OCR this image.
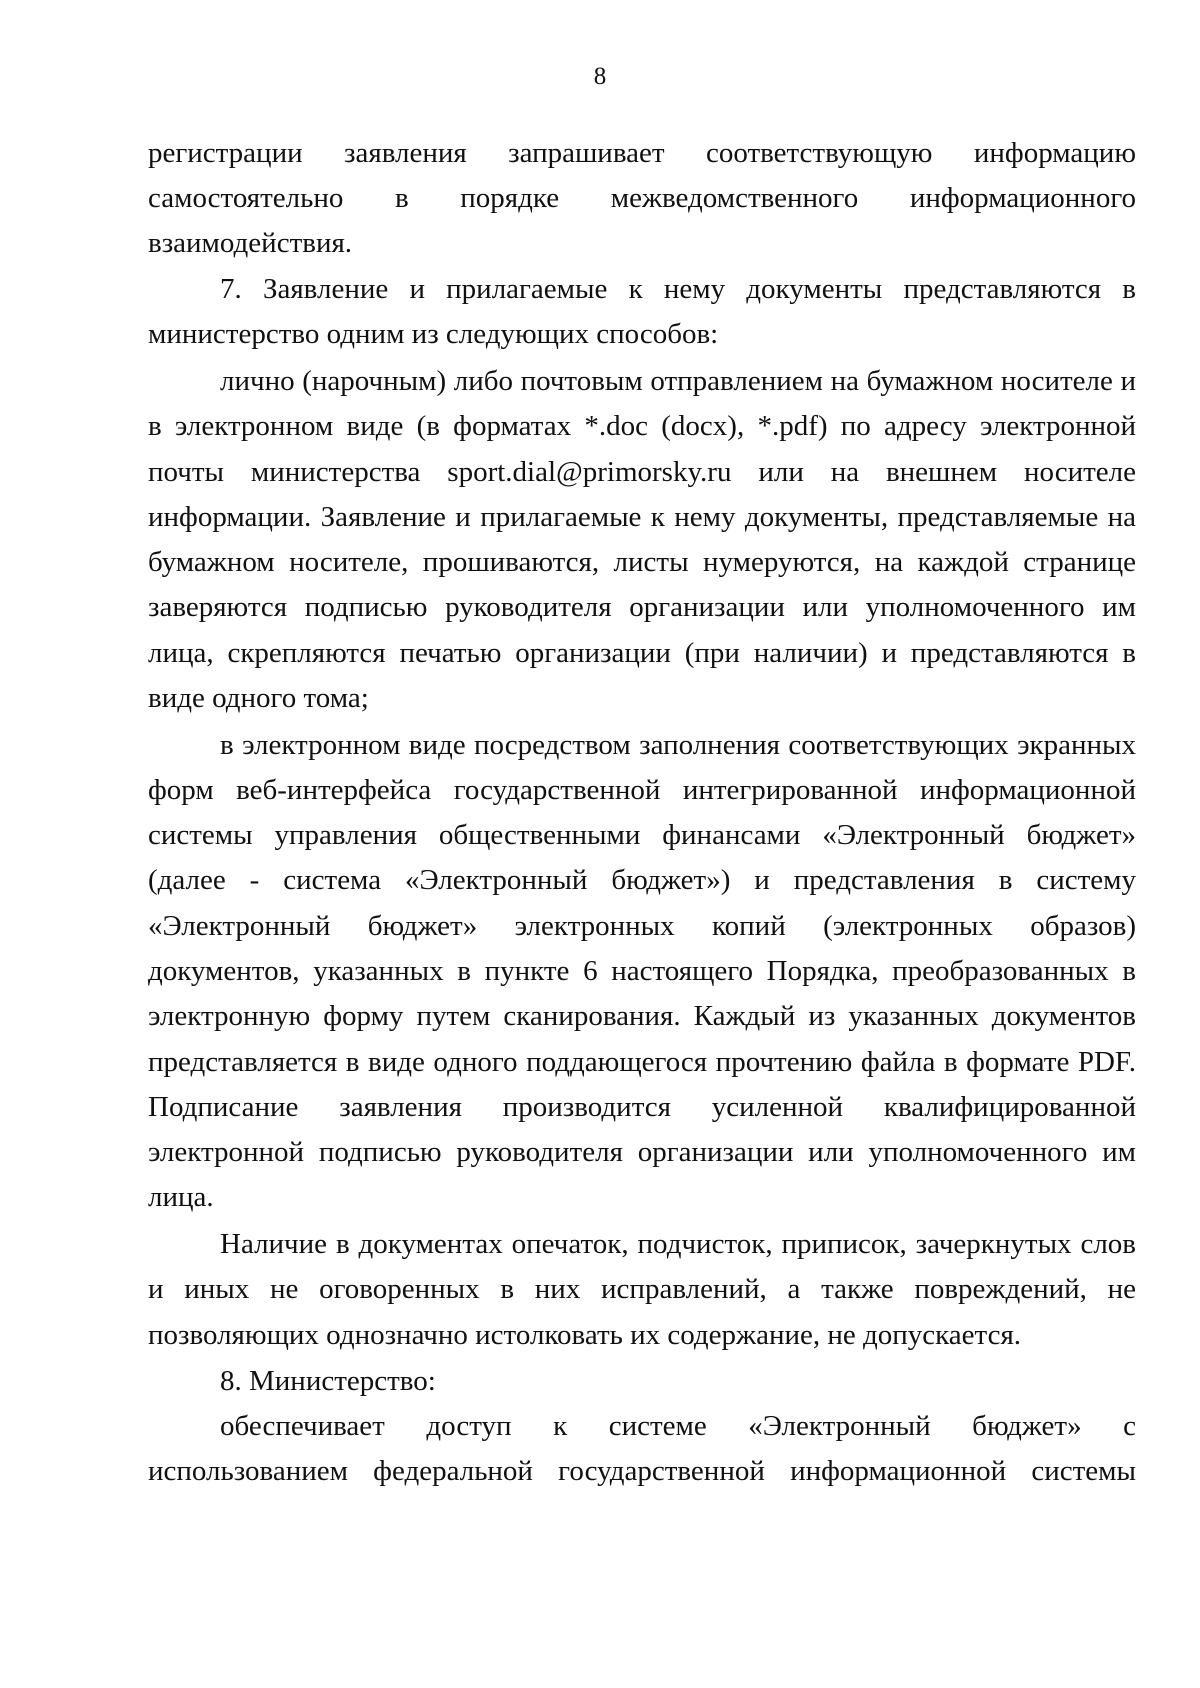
8
регистрации заявления запрашивает соответствующую информацию
самостоятельно в порядке межведомственного информационного
взаимодействия.
7. Заявление и прилагаемые к нему документы представляются в
министерство одним из следующих способов:
лично (нарочным) либо почтовым отправлением на бумажном носителе и
в электронном виде (в форматах *.doc (docx), *.pdf) по адресу электронной
почты министерства sport.dial@primorsky.ru или на внешнем носителе
информации. Заявление и прилагаемые к нему документы, представляемые на
бумажном носителе, прошиваются, листы нумеруются, на каждой странице
заверяются подписью руководителя организации или уполномоченного им
лица, скрепляются печатью организации (при наличии) и представляются в
виде одного тома;
в электронном виде посредством заполнения соответствующих экранных
форм веб-интерфейса государственной интегрированной информационной
системы управления общественными финансами «Электронный бюджет»
(далее - система «Электронный бюджет») и представления в систему
«Электронный бюджет» электронных копий (электронных образов)
документов, указанных в пункте 6 настоящего Порядка, преобразованных в
электронную форму путем сканирования. Каждый из указанных документов
представляется в виде одного поддающегося прочтению файла в формате PDF.
Подписание заявления производится усиленной квалифицированной
электронной подписью руководителя организации или уполномоченного им
лица.
Наличие в документах опечаток, подчисток, приписок, зачеркнутых слов
и иных не оговоренных в них исправлений, а также повреждений, не
позволяющих однозначно истолковать их содержание, не допускается.
8. Министерство:
обеспечивает доступ к системе «Электронный бюджет» с
использованием федеральной государственной информационной системы
